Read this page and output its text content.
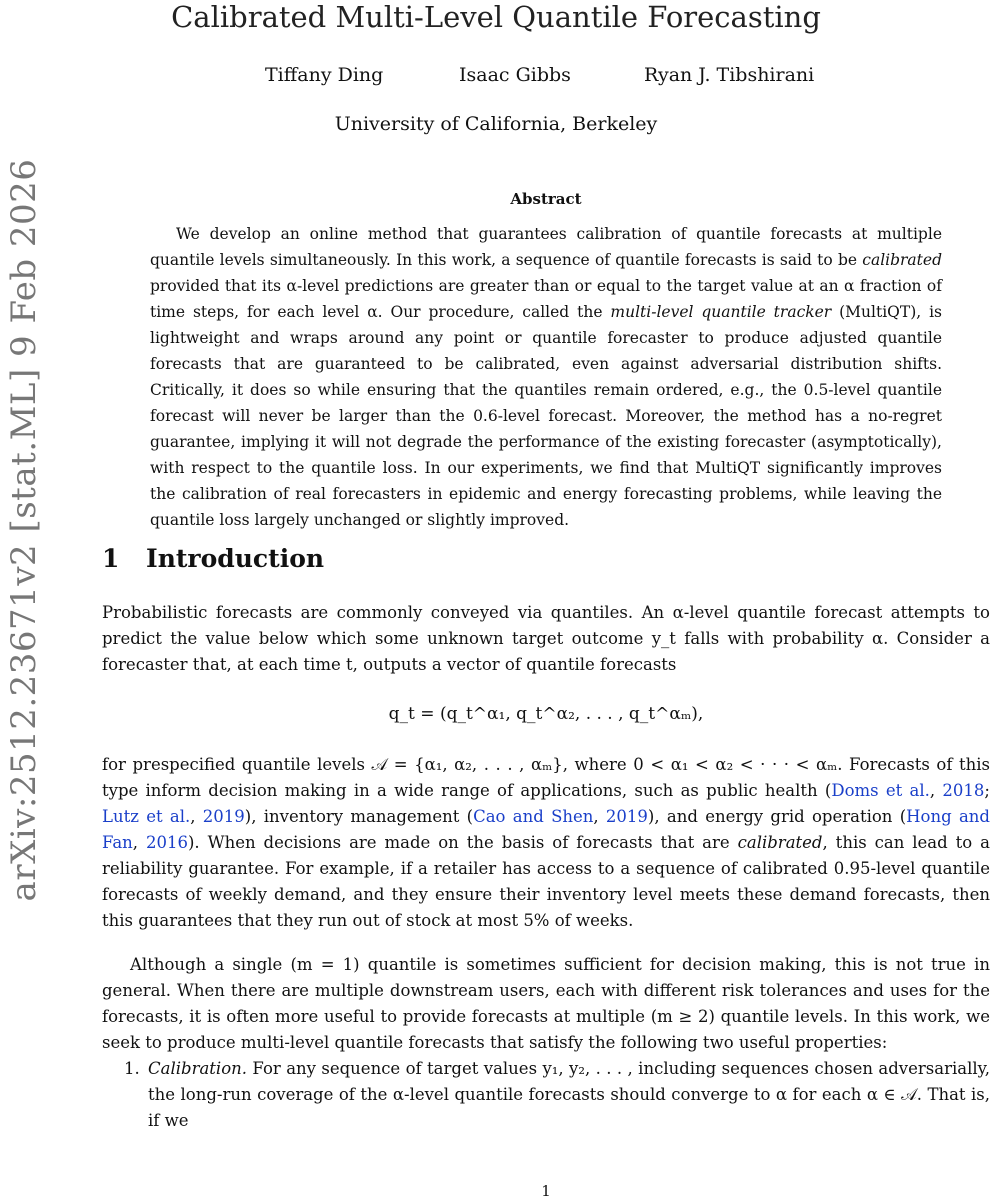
Calibrated Multi-Level Quantile Forecasting
Tiffany Ding	Isaac Gibbs	Ryan J. Tibshirani
University of California, Berkeley
arXiv:2512.23671v2 [stat.ML] 9 Feb 2026	Abstract

We develop an online method that guarantees calibration of quantile forecasts at multiple quantile levels simultaneously. In this work, a sequence of quantile forecasts is said to be calibrated provided that its α-level predictions are greater than or equal to the target value at an α fraction of time steps, for each level α. Our procedure, called the multi-level quantile tracker (MultiQT), is lightweight and wraps around any point or quantile forecaster to produce adjusted quantile forecasts that are guaranteed to be calibrated, even against adversarial distribution shifts. Critically, it does so while ensuring that the quantiles remain ordered, e.g., the 0.5-level quantile forecast will never be larger than the 0.6-level forecast. Moreover, the method has a no-regret guarantee, implying it will not degrade the performance of the existing forecaster (asymptotically), with respect to the quantile loss. In our experiments, we find that MultiQT significantly improves the calibration of real forecasters in epidemic and energy forecasting problems, while leaving the quantile loss largely unchanged or slightly improved.

1 Introduction

Probabilistic forecasts are commonly conveyed via quantiles. An α-level quantile forecast attempts to predict the value below which some unknown target outcome y_t falls with probability α. Consider a forecaster that, at each time t, outputs a vector of quantile forecasts

q_t = (q_t^α₁, q_t^α₂, . . . , q_t^αₘ),

for prespecified quantile levels 𝒜 = {α₁, α₂, . . . , αₘ}, where 0 < α₁ < α₂ < · · · < αₘ. Forecasts of this type inform decision making in a wide range of applications, such as public health (Doms et al., 2018; Lutz et al., 2019), inventory management (Cao and Shen, 2019), and energy grid operation (Hong and Fan, 2016). When decisions are made on the basis of forecasts that are calibrated, this can lead to a reliability guarantee. For example, if a retailer has access to a sequence of calibrated 0.95-level quantile forecasts of weekly demand, and they ensure their inventory level meets these demand forecasts, then this guarantees that they run out of stock at most 5% of weeks.

Although a single (m = 1) quantile is sometimes sufficient for decision making, this is not true in general. When there are multiple downstream users, each with different risk tolerances and uses for the forecasts, it is often more useful to provide forecasts at multiple (m ≥ 2) quantile levels. In this work, we seek to produce multi-level quantile forecasts that satisfy the following two useful properties:

1. Calibration. For any sequence of target values y₁, y₂, . . . , including sequences chosen adversarially, the long-run coverage of the α-level quantile forecasts should converge to α for each α ∈ 𝒜. That is, if we
1
